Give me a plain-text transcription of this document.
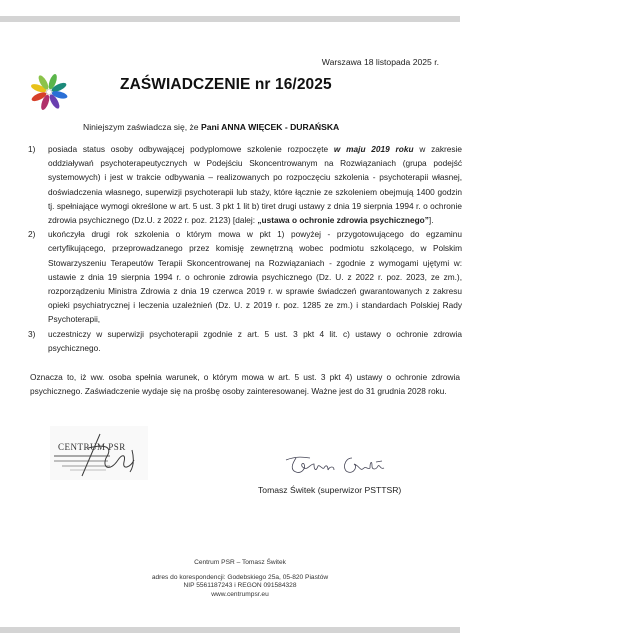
Warszawa 18 listopada 2025 r.
ZAŚWIADCZENIE nr 16/2025
Niniejszym zaświadcza się, że Pani ANNA WIĘCEK - DURAŃSKA
1) posiada status osoby odbywającej podyplomowe szkolenie rozpoczęte w maju 2019 roku w zakresie oddziaływań psychoterapeutycznych w Podejściu Skoncentrowanym na Rozwiązaniach (grupa podejść systemowych) i jest w trakcie odbywania – realizowanych po rozpoczęciu szkolenia - psychoterapii własnej, doświadczenia własnego, superwizji psychoterapii lub staży, które łącznie ze szkoleniem obejmują 1400 godzin tj. spełniające wymogi określone w art. 5 ust. 3 pkt 1 lit b) tiret drugi ustawy z dnia 19 sierpnia 1994 r. o ochronie zdrowia psychicznego (Dz.U. z 2022 r. poz. 2123) [dalej: „ustawa o ochronie zdrowia psychicznego”].
2) ukończyła drugi rok szkolenia o którym mowa w pkt 1) powyżej - przygotowującego do egzaminu certyfikującego, przeprowadzanego przez komisję zewnętrzną wobec podmiotu szkolącego, w Polskim Stowarzyszeniu Terapeutów Terapii Skoncentrowanej na Rozwiązaniach - zgodnie z wymogami ujętymi w: ustawie z dnia 19 sierpnia 1994 r. o ochronie zdrowia psychicznego (Dz. U. z 2022 r. poz. 2023, ze zm.), rozporządzeniu Ministra Zdrowia z dnia 19 czerwca 2019 r. w sprawie świadczeń gwarantowanych z zakresu opieki psychiatrycznej i leczenia uzależnień (Dz. U. z 2019 r. poz. 1285 ze zm.) i standardach Polskiej Rady Psychoterapii,
3) uczestniczy w superwizji psychoterapii zgodnie z art. 5 ust. 3 pkt 4 lit. c) ustawy o ochronie zdrowia psychicznego.
Oznacza to, iż ww. osoba spełnia warunek, o którym mowa w art. 5 ust. 3 pkt 4) ustawy o ochronie zdrowia psychicznego. Zaświadczenie wydaje się na prośbę osoby zainteresowanej. Ważne jest do 31 grudnia 2028 roku.
CENTRUM PSR
Tomasz Świtek (superwizor PSTTSR)
Centrum PSR – Tomasz Świtek
adres do korespondencji: Godebskiego 25a, 05-820 Piastów
NIP 5561187243 i REGON 091584328
www.centrumpsr.eu
